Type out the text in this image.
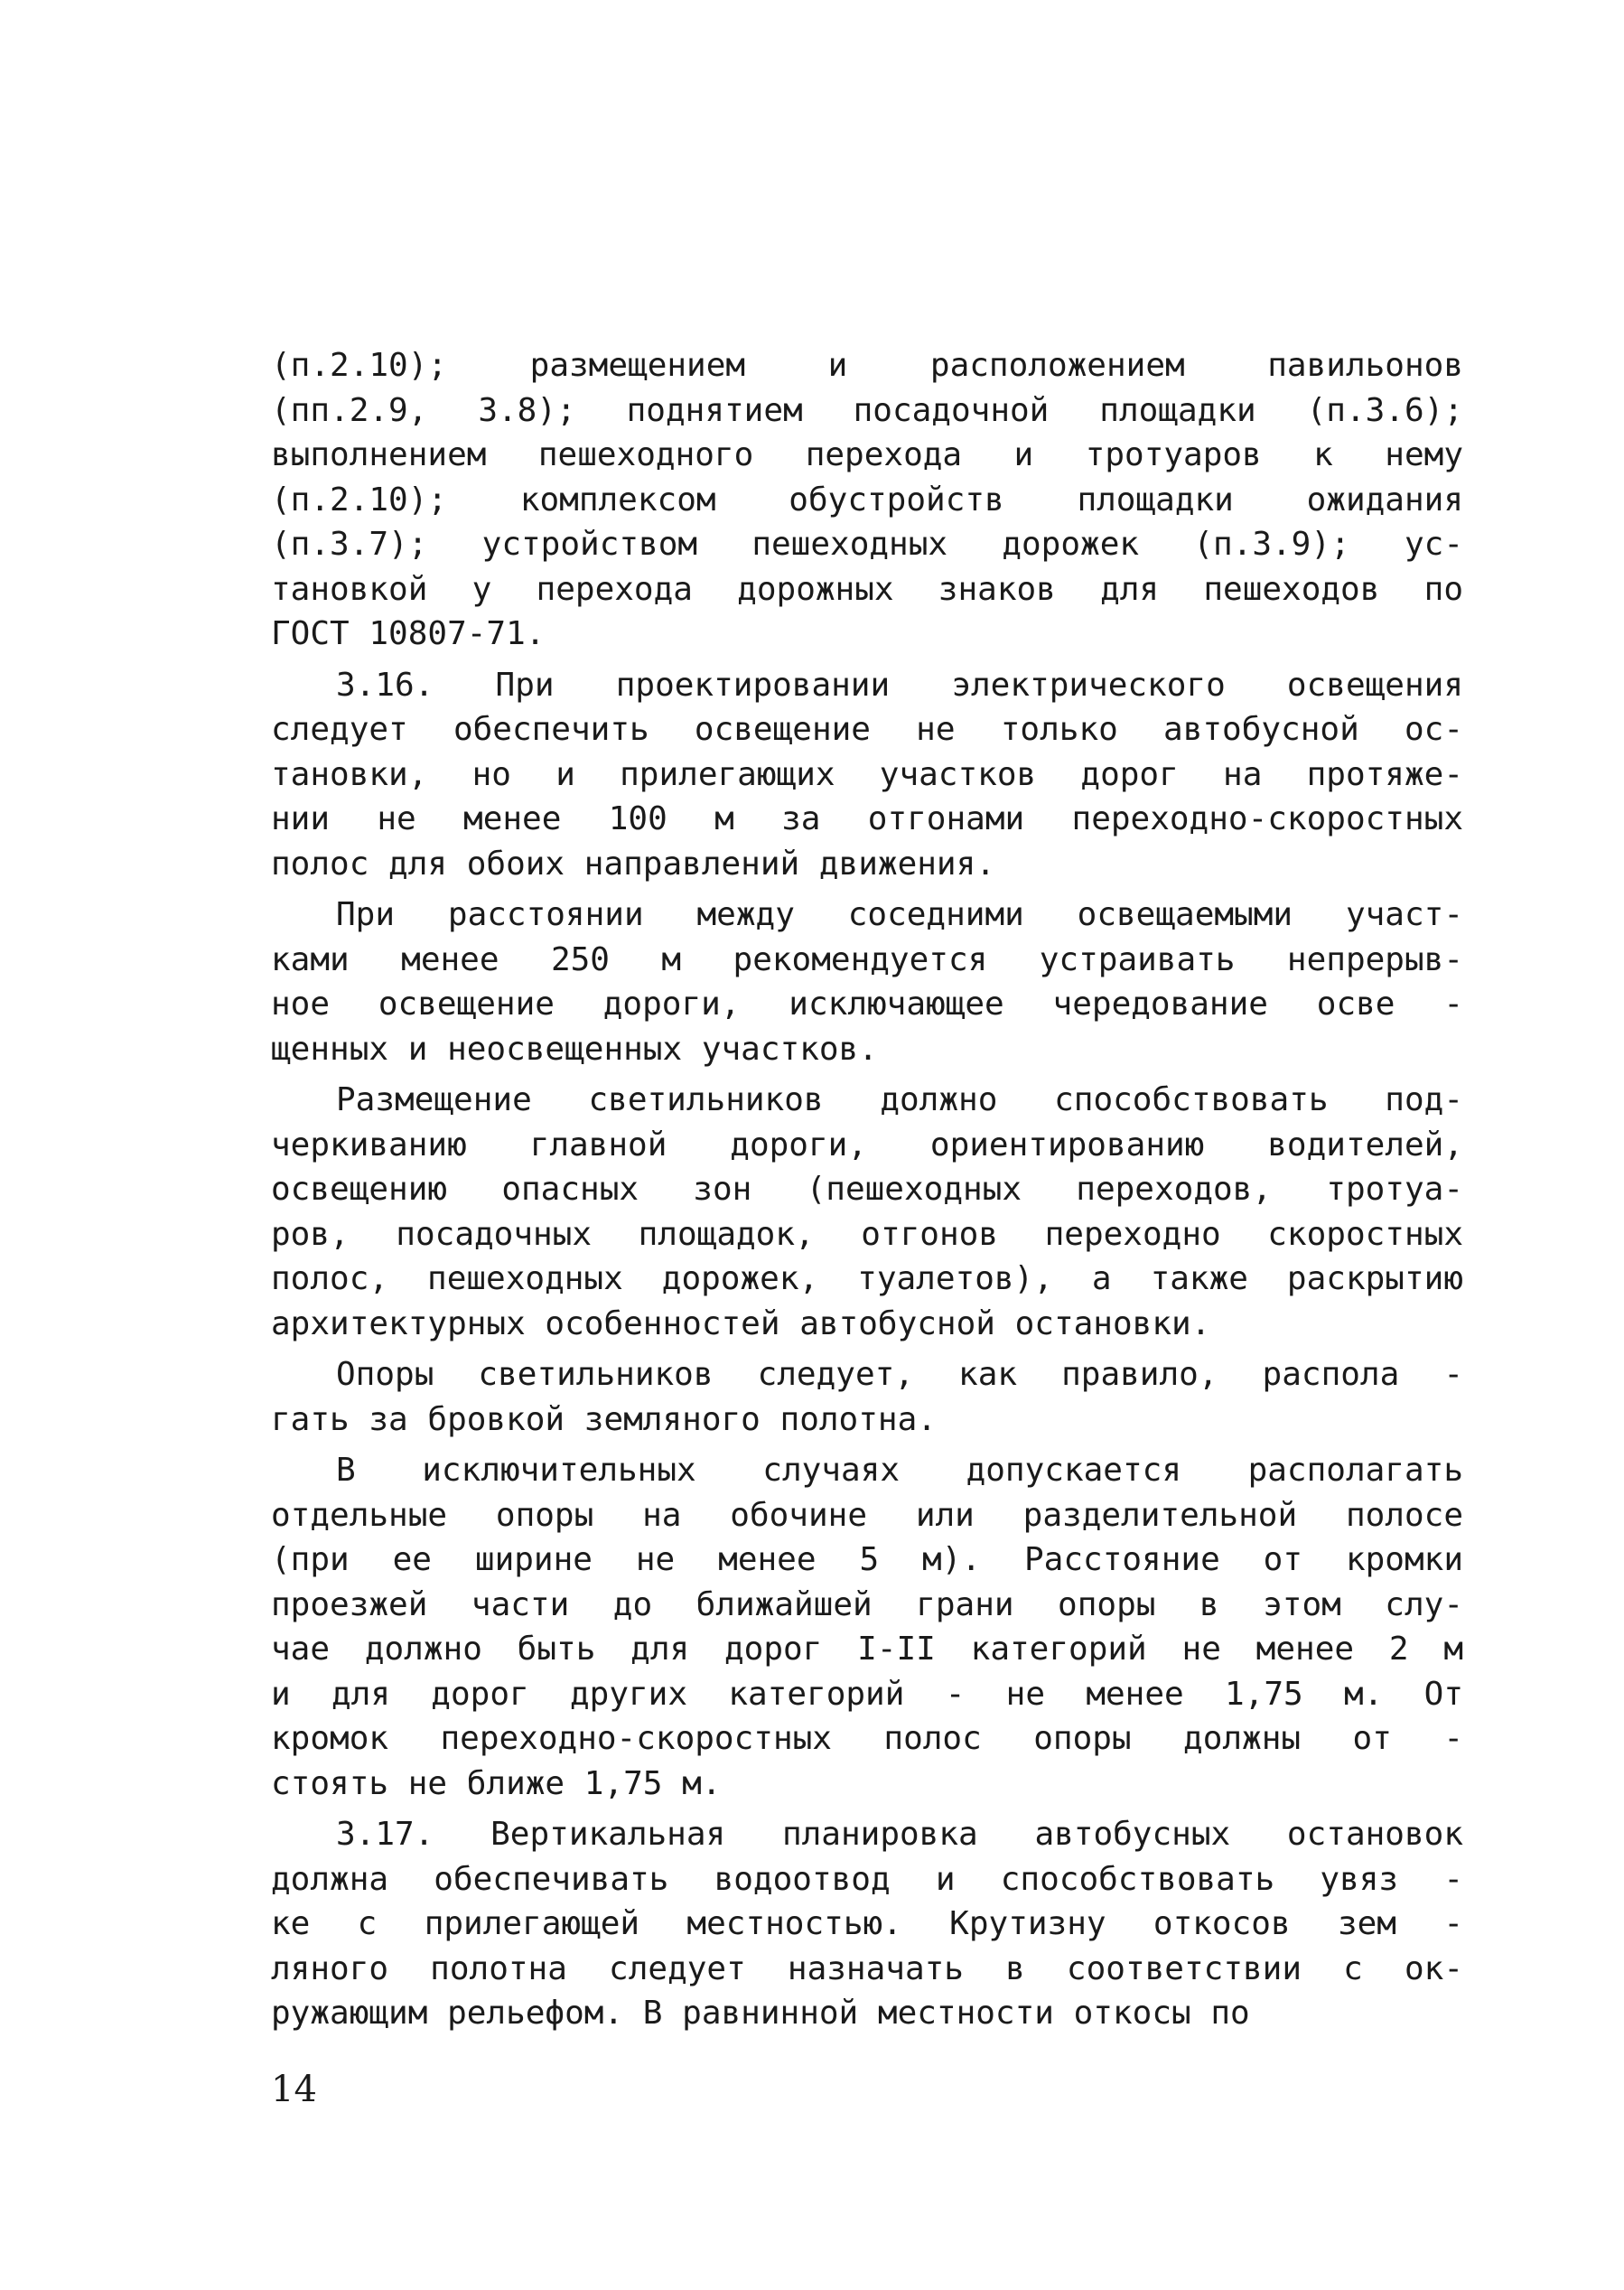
(п.2.10); размещением и расположением павильонов
(пп.2.9, 3.8); поднятием посадочной площадки (п.3.6);
выполнением пешеходного перехода и тротуаров к нему
(п.2.10); комплексом обустройств площадки ожидания
(п.3.7); устройством пешеходных дорожек (п.3.9); ус-
тановкой у перехода дорожных знаков для пешеходов по
ГОСТ 10807-71.
3.16. При проектировании электрического освещения
следует обеспечить освещение не только автобусной ос-
тановки, но и прилегающих участков дорог на протяже-
нии не менее 100 м за отгонами переходно-скоростных
полос для обоих направлений движения.
При расстоянии между соседними освещаемыми участ-
ками менее 250 м рекомендуется устраивать непрерыв-
ное освещение дороги, исключающее чередование осве -
щенных и неосвещенных участков.
Размещение светильников должно способствовать под-
черкиванию главной дороги, ориентированию водителей,
освещению опасных зон (пешеходных переходов, тротуа-
ров, посадочных площадок, отгонов переходно скоростных
полос, пешеходных дорожек, туалетов), а также раскрытию
архитектурных особенностей автобусной остановки.
Опоры светильников следует, как правило, распола -
гать за бровкой земляного полотна.
В исключительных случаях допускается располагать
отдельные опоры на обочине или разделительной полосе
(при ее ширине не менее 5 м). Расстояние от кромки
проезжей части до ближайшей грани опоры в этом слу-
чае должно быть для дорог I-II категорий не менее 2 м
и для дорог других категорий - не менее 1,75 м. От
кромок переходно-скоростных полос опоры должны от -
стоять не ближе 1,75 м.
3.17. Вертикальная планировка автобусных остановок
должна обеспечивать водоотвод и способствовать увяз -
ке с прилегающей местностью. Крутизну откосов зем -
ляного полотна следует назначать в соответствии с ок-
ружающим рельефом. В равнинной местности откосы по
14
